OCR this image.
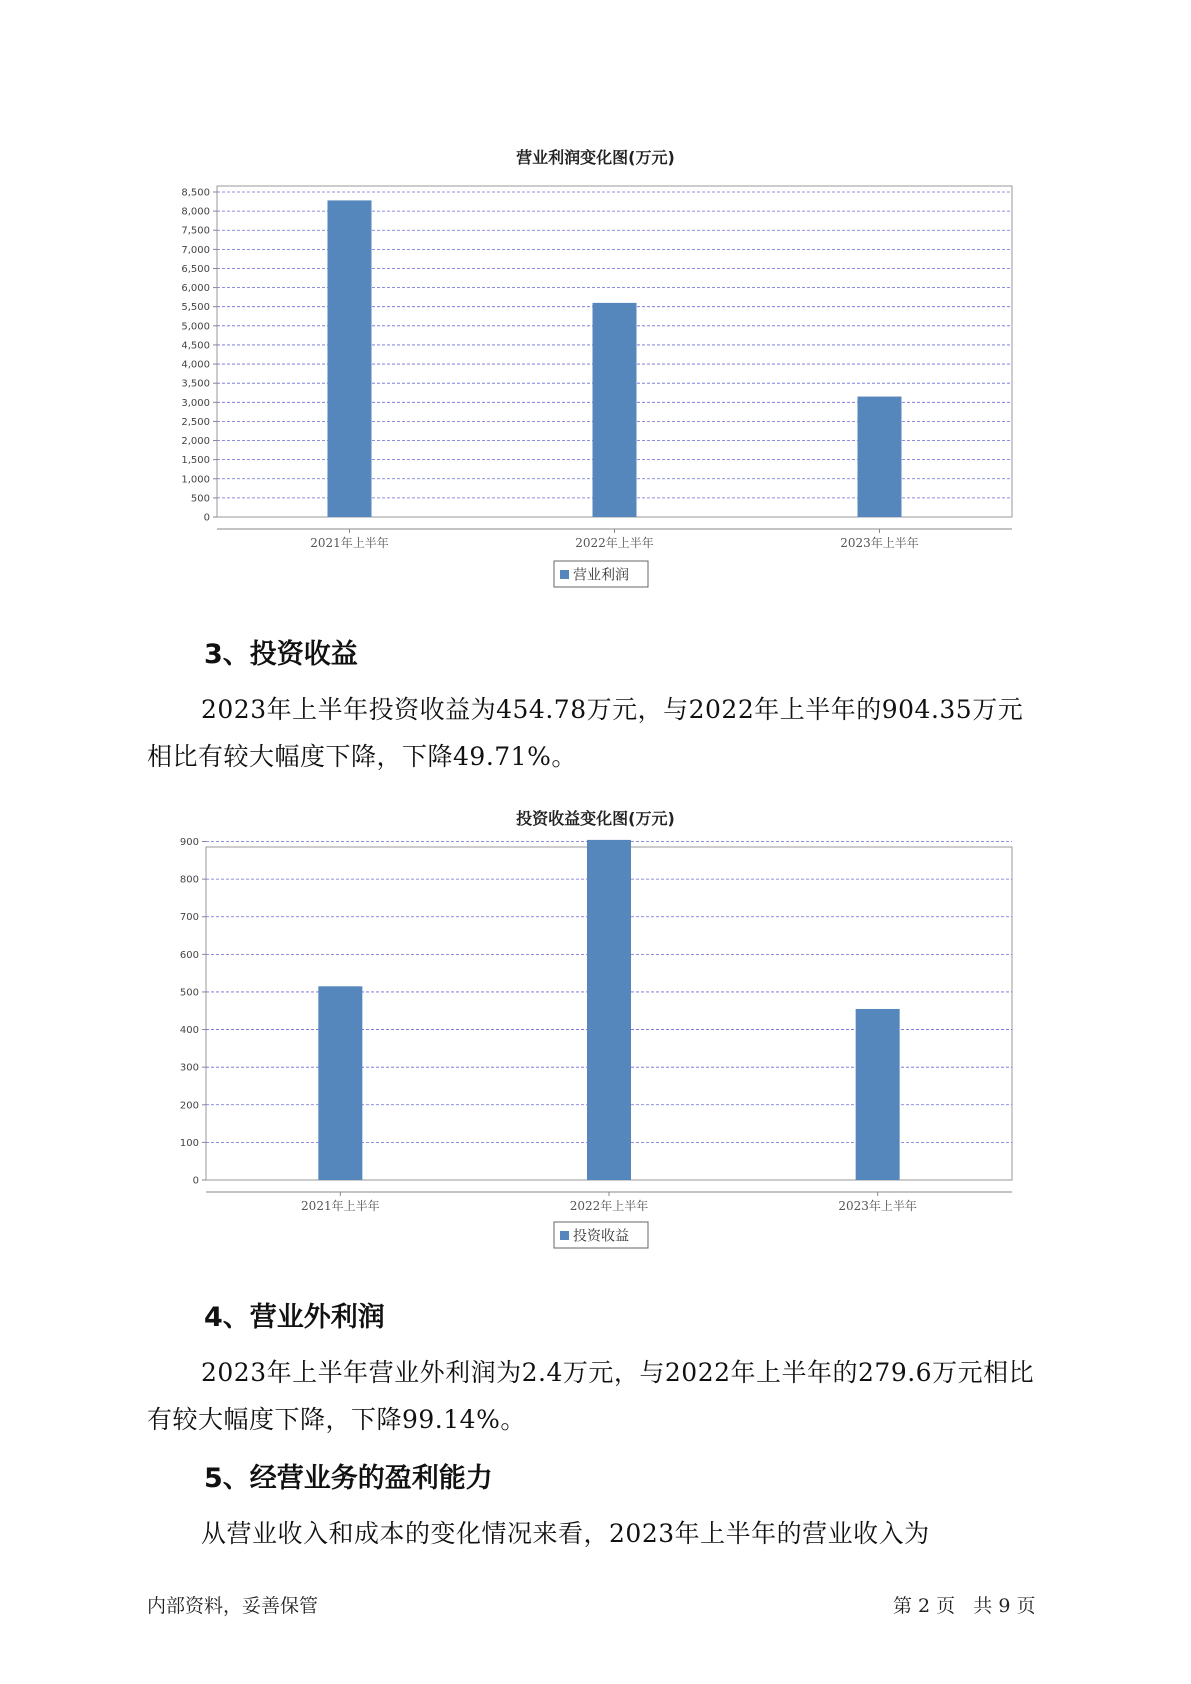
营业利润变化图(万元)
0
500
1,000
1,500
2,000
2,500
3,000
3,500
4,000
4,500
5,000
5,500
6,000
6,500
7,000
7,500
8,000
8,500
2021年上半年	2022年上半年	2023年上半年
营业利润
3、投资收益

2023年上半年投资收益为454.78万元，与2022年上半年的904.35万元相比有较大幅度下降，下降49.71%。

投资收益变化图(万元)
0
100
200
300
400
500
600
700
800
900
2021年上半年	2022年上半年	2023年上半年
投资收益
4、营业外利润

2023年上半年营业外利润为2.4万元，与2022年上半年的279.6万元相比有较大幅度下降，下降99.14%。

5、经营业务的盈利能力

从营业收入和成本的变化情况来看，2023年上半年的营业收入为

内部资料，妥善保管	第 2 页   共 9 页
